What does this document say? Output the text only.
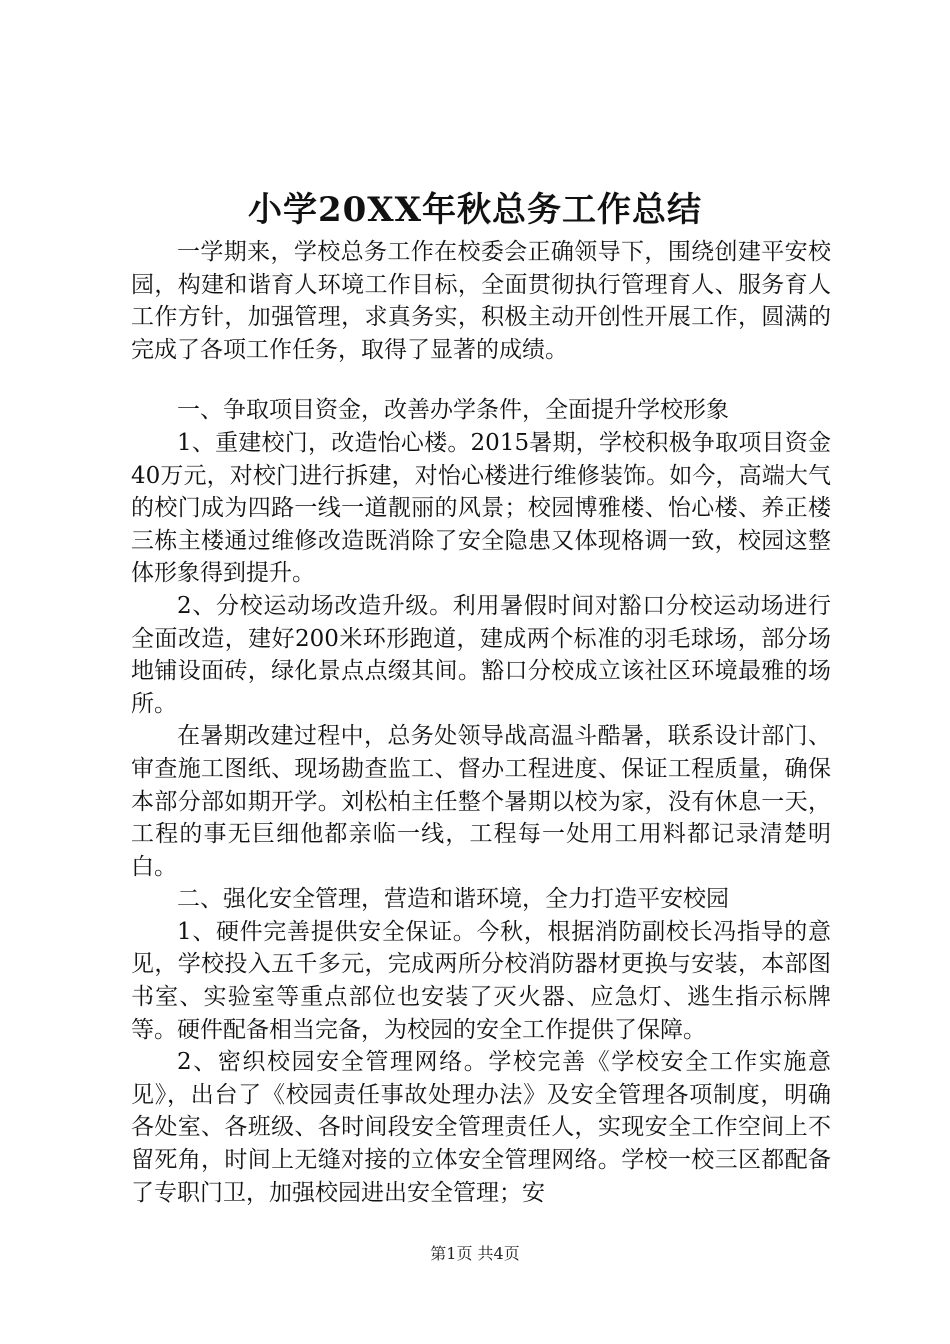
小学20XX年秋总务工作总结

一学期来，学校总务工作在校委会正确领导下，围绕创建平安校园，构建和谐育人环境工作目标，全面贯彻执行管理育人、服务育人工作方针，加强管理，求真务实，积极主动开创性开展工作，圆满的完成了各项工作任务，取得了显著的成绩。

一、争取项目资金，改善办学条件，全面提升学校形象

1、重建校门，改造怡心楼。2015暑期，学校积极争取项目资金40万元，对校门进行拆建，对怡心楼进行维修装饰。如今，高端大气的校门成为四路一线一道靓丽的风景；校园博雅楼、怡心楼、养正楼三栋主楼通过维修改造既消除了安全隐患又体现格调一致，校园这整体形象得到提升。

2、分校运动场改造升级。利用暑假时间对豁口分校运动场进行全面改造，建好200米环形跑道，建成两个标准的羽毛球场，部分场地铺设面砖，绿化景点点缀其间。豁口分校成立该社区环境最雅的场所。

在暑期改建过程中，总务处领导战高温斗酷暑，联系设计部门、审查施工图纸、现场勘查监工、督办工程进度、保证工程质量，确保本部分部如期开学。刘松柏主任整个暑期以校为家，没有休息一天，工程的事无巨细他都亲临一线，工程每一处用工用料都记录清楚明白。

二、强化安全管理，营造和谐环境，全力打造平安校园

1、硬件完善提供安全保证。今秋，根据消防副校长冯指导的意见，学校投入五千多元，完成两所分校消防器材更换与安装，本部图书室、实验室等重点部位也安装了灭火器、应急灯、逃生指示标牌等。硬件配备相当完备，为校园的安全工作提供了保障。

2、密织校园安全管理网络。学校完善《学校安全工作实施意见》，出台了《校园责任事故处理办法》及安全管理各项制度，明确各处室、各班级、各时间段安全管理责任人，实现安全工作空间上不留死角，时间上无缝对接的立体安全管理网络。学校一校三区都配备了专职门卫，加强校园进出安全管理；安

第1页 共4页
